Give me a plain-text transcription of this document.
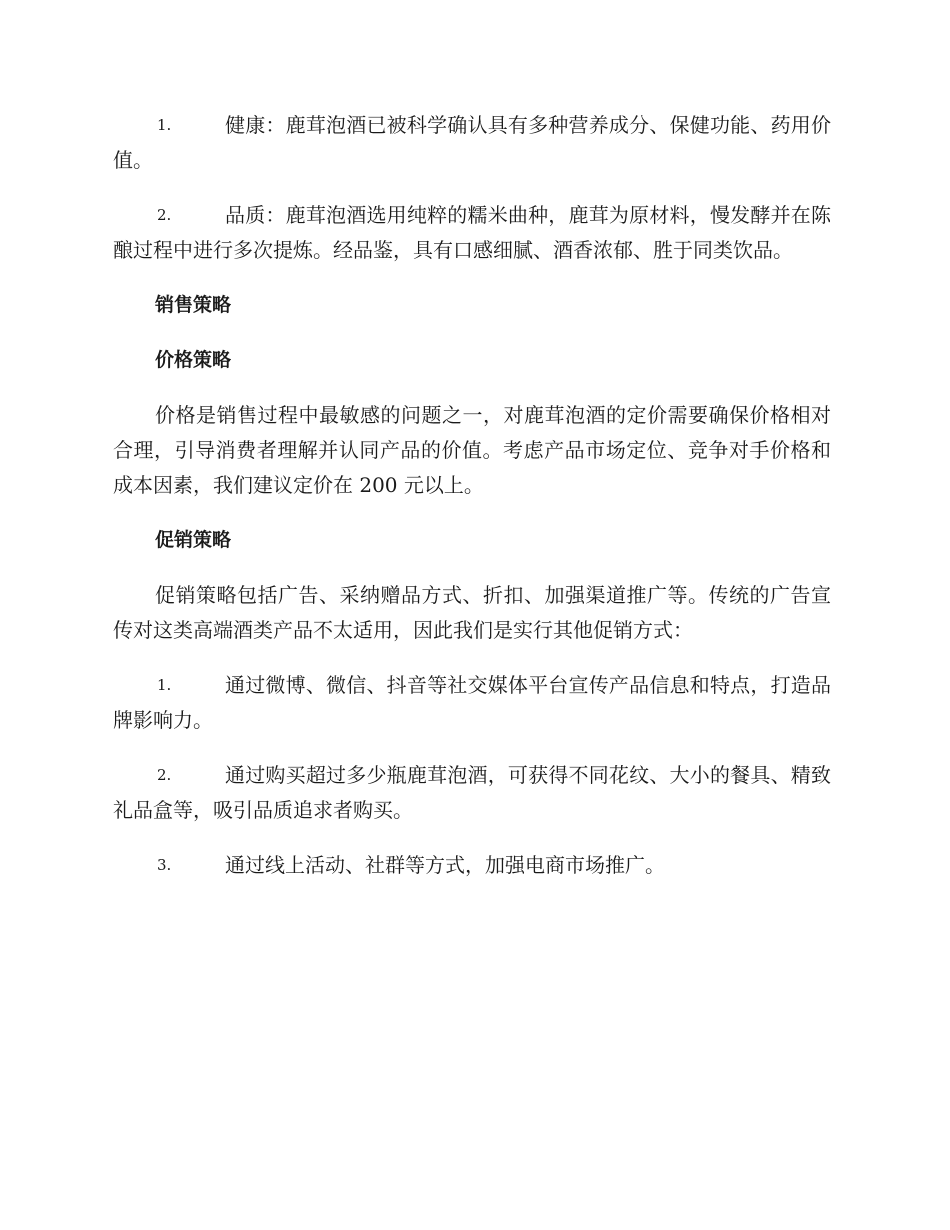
1.	健康：鹿茸泡酒已被科学确认具有多种营养成分、保健功能、药用价值。

2.	品质：鹿茸泡酒选用纯粹的糯米曲种，鹿茸为原材料，慢发酵并在陈酿过程中进行多次提炼。经品鉴，具有口感细腻、酒香浓郁、胜于同类饮品。

销售策略
价格策略

价格是销售过程中最敏感的问题之一，对鹿茸泡酒的定价需要确保价格相对合理，引导消费者理解并认同产品的价值。考虑产品市场定位、竞争对手价格和成本因素，我们建议定价在 200 元以上。

促销策略

促销策略包括广告、采纳赠品方式、折扣、加强渠道推广等。传统的广告宣传对这类高端酒类产品不太适用，因此我们是实行其他促销方式：

1.	通过微博、微信、抖音等社交媒体平台宣传产品信息和特点，打造品牌影响力。

2.	通过购买超过多少瓶鹿茸泡酒，可获得不同花纹、大小的餐具、精致礼品盒等，吸引品质追求者购买。

3.	通过线上活动、社群等方式，加强电商市场推广。
